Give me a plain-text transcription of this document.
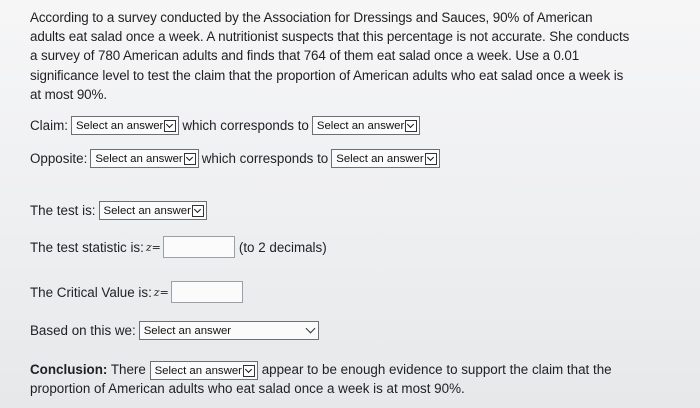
According to a survey conducted by the Association for Dressings and Sauces, 90% of American adults eat salad once a week. A nutritionist suspects that this percentage is not accurate. She conducts a survey of 780 American adults and finds that 764 of them eat salad once a week. Use a 0.01 significance level to test the claim that the proportion of American adults who eat salad once a week is at most 90%.
Claim: Select an answer which corresponds to Select an answer
Opposite: Select an answer which corresponds to Select an answer
The test is: Select an answer
The test statistic is: z=	(to 2 decimals)
The Critical Value is: z=
Based on this we: Select an answer
Conclusion: There Select an answer appear to be enough evidence to support the claim that the proportion of American adults who eat salad once a week is at most 90%.
